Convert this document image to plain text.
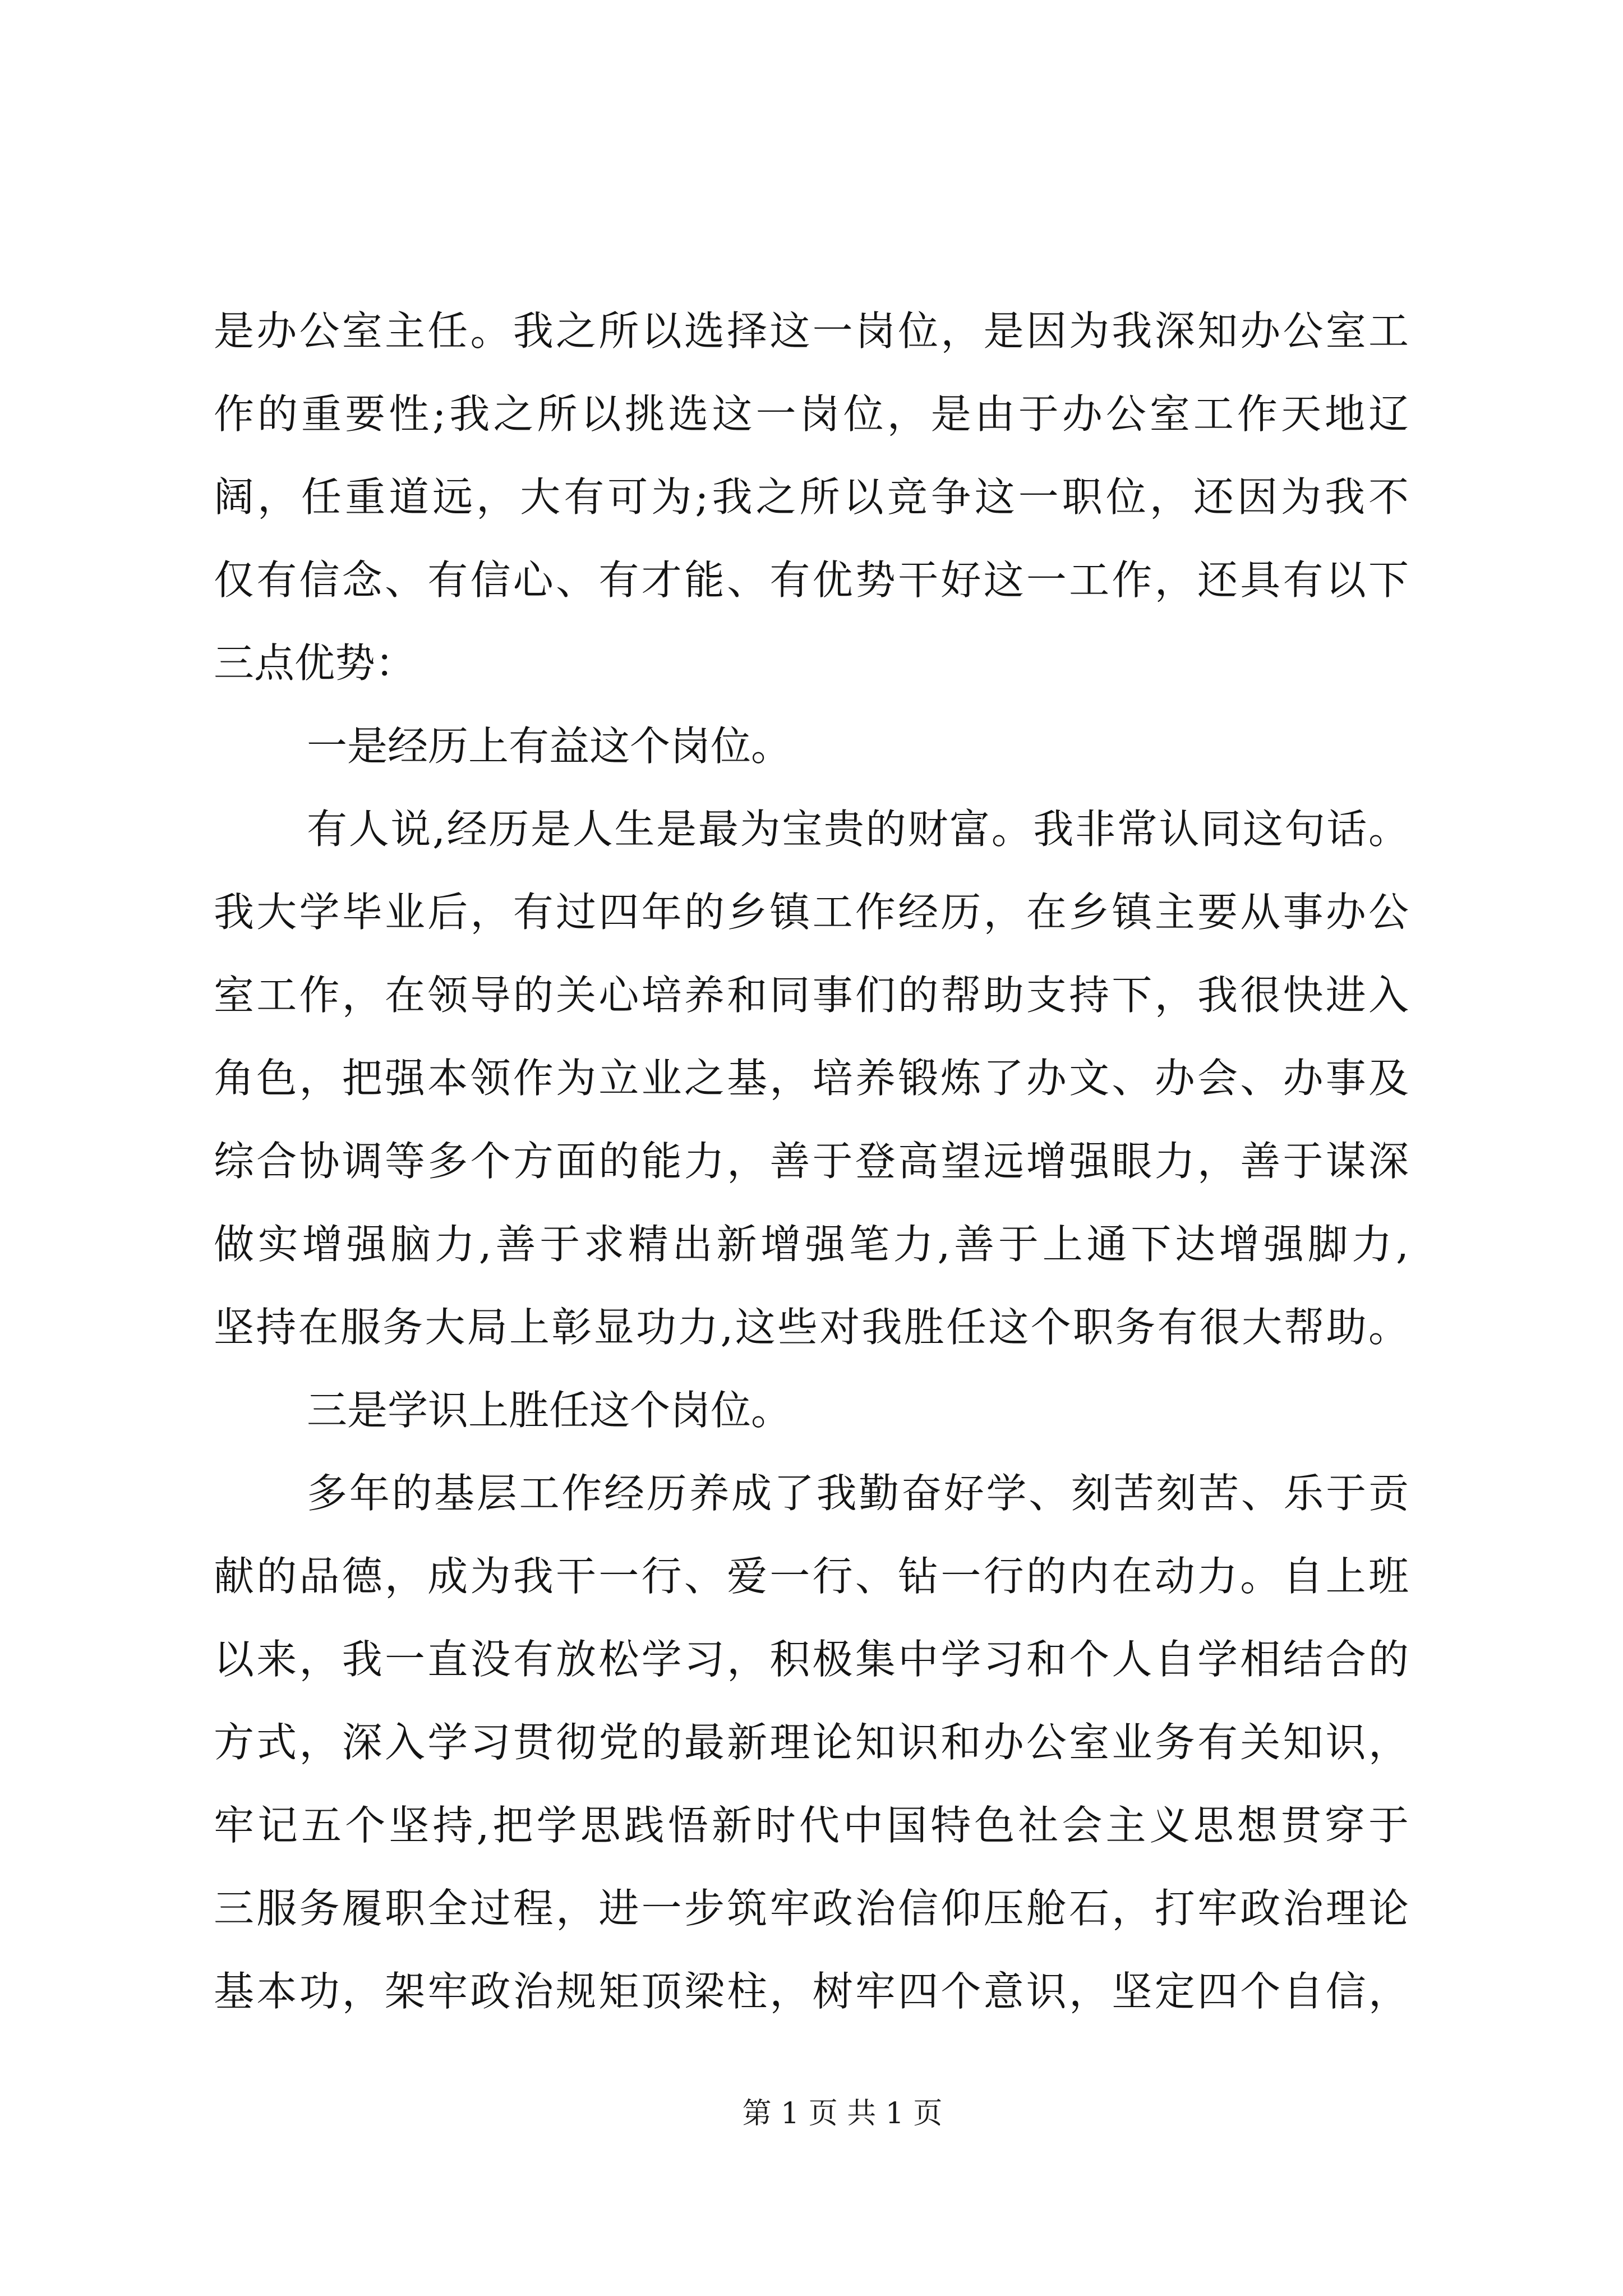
是办公室主任。我之所以选择这一岗位，是因为我深知办公室工
作的重要性;我之所以挑选这一岗位，是由于办公室工作天地辽
阔，任重道远，大有可为;我之所以竞争这一职位，还因为我不
仅有信念、有信心、有才能、有优势干好这一工作，还具有以下
三点优势：
一是经历上有益这个岗位。
有人说,经历是人生是最为宝贵的财富。我非常认同这句话。
我大学毕业后，有过四年的乡镇工作经历，在乡镇主要从事办公
室工作，在领导的关心培养和同事们的帮助支持下，我很快进入
角色，把强本领作为立业之基，培养锻炼了办文、办会、办事及
综合协调等多个方面的能力，善于登高望远增强眼力，善于谋深
做实增强脑力,善于求精出新增强笔力,善于上通下达增强脚力,
坚持在服务大局上彰显功力,这些对我胜任这个职务有很大帮助。
三是学识上胜任这个岗位。
多年的基层工作经历养成了我勤奋好学、刻苦刻苦、乐于贡
献的品德，成为我干一行、爱一行、钻一行的内在动力。自上班
以来，我一直没有放松学习，积极集中学习和个人自学相结合的
方式，深入学习贯彻党的最新理论知识和办公室业务有关知识，
牢记五个坚持,把学思践悟新时代中国特色社会主义思想贯穿于
三服务履职全过程，进一步筑牢政治信仰压舱石，打牢政治理论
基本功，架牢政治规矩顶梁柱，树牢四个意识，坚定四个自信，
第 1 页 共 1 页
